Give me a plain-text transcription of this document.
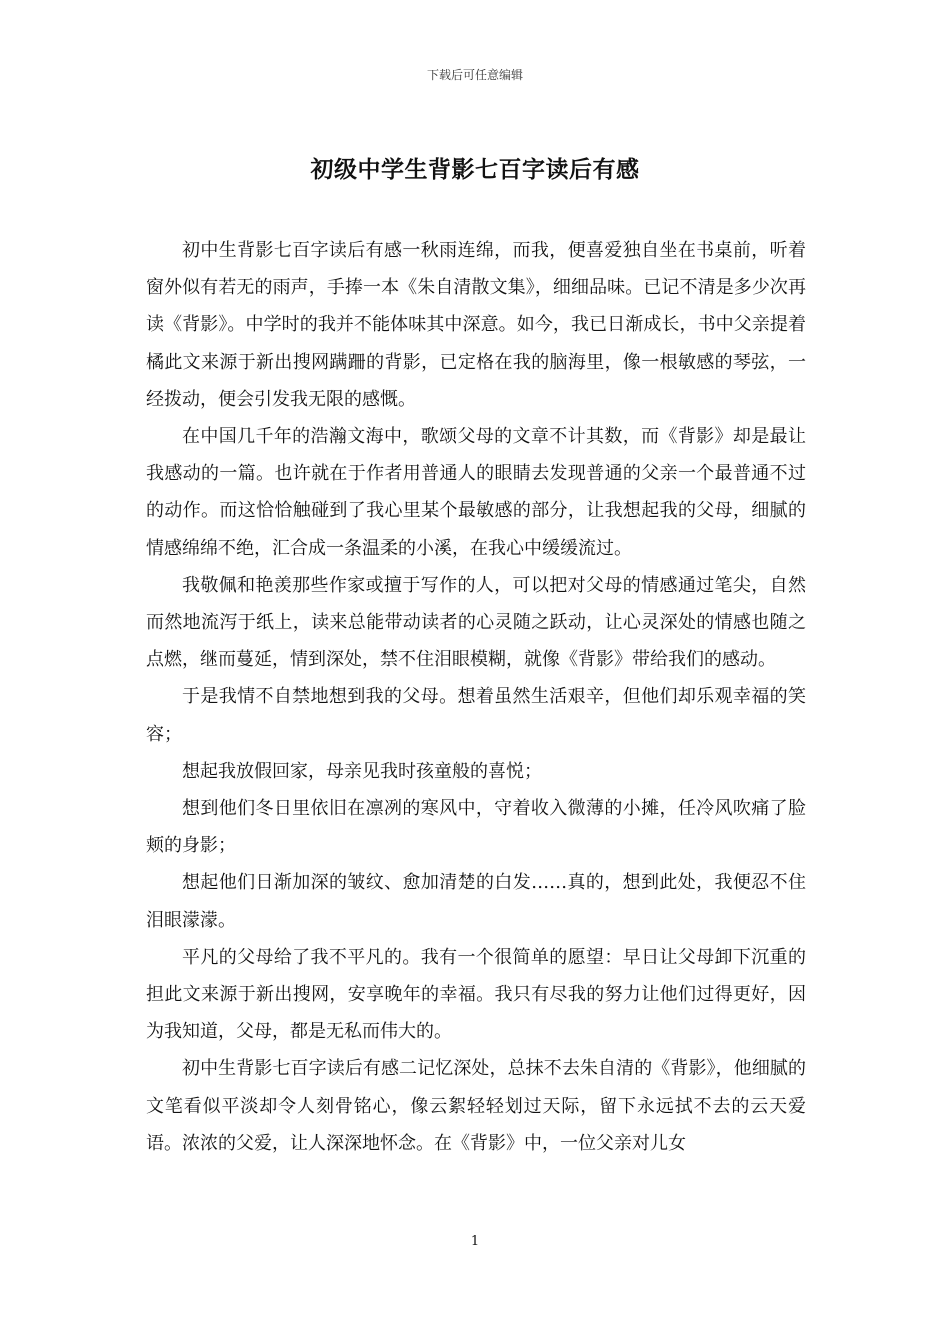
下载后可任意编辑
初级中学生背影七百字读后有感

初中生背影七百字读后有感一秋雨连绵，而我，便喜爱独自坐在书桌前，听着窗外似有若无的雨声，手捧一本《朱自清散文集》，细细品味。已记不清是多少次再读《背影》。中学时的我并不能体味其中深意。如今，我已日渐成长，书中父亲提着橘此文来源于新出搜网蹒跚的背影，已定格在我的脑海里，像一根敏感的琴弦，一经拨动，便会引发我无限的感慨。

在中国几千年的浩瀚文海中，歌颂父母的文章不计其数，而《背影》却是最让我感动的一篇。也许就在于作者用普通人的眼睛去发现普通的父亲一个最普通不过的动作。而这恰恰触碰到了我心里某个最敏感的部分，让我想起我的父母，细腻的情感绵绵不绝，汇合成一条温柔的小溪，在我心中缓缓流过。

我敬佩和艳羡那些作家或擅于写作的人，可以把对父母的情感通过笔尖，自然而然地流泻于纸上，读来总能带动读者的心灵随之跃动，让心灵深处的情感也随之点燃，继而蔓延，情到深处，禁不住泪眼模糊，就像《背影》带给我们的感动。

于是我情不自禁地想到我的父母。想着虽然生活艰辛，但他们却乐观幸福的笑容；

想起我放假回家，母亲见我时孩童般的喜悦；

想到他们冬日里依旧在凛冽的寒风中，守着收入微薄的小摊，任冷风吹痛了脸颊的身影；

想起他们日渐加深的皱纹、愈加清楚的白发……真的，想到此处，我便忍不住泪眼濛濛。

平凡的父母给了我不平凡的。我有一个很简单的愿望：早日让父母卸下沉重的担此文来源于新出搜网，安享晚年的幸福。我只有尽我的努力让他们过得更好，因为我知道，父母，都是无私而伟大的。

初中生背影七百字读后有感二记忆深处，总抹不去朱自清的《背影》，他细腻的文笔看似平淡却令人刻骨铭心，像云絮轻轻划过天际，留下永远拭不去的云天爱语。浓浓的父爱，让人深深地怀念。在《背影》中，一位父亲对儿女

1
